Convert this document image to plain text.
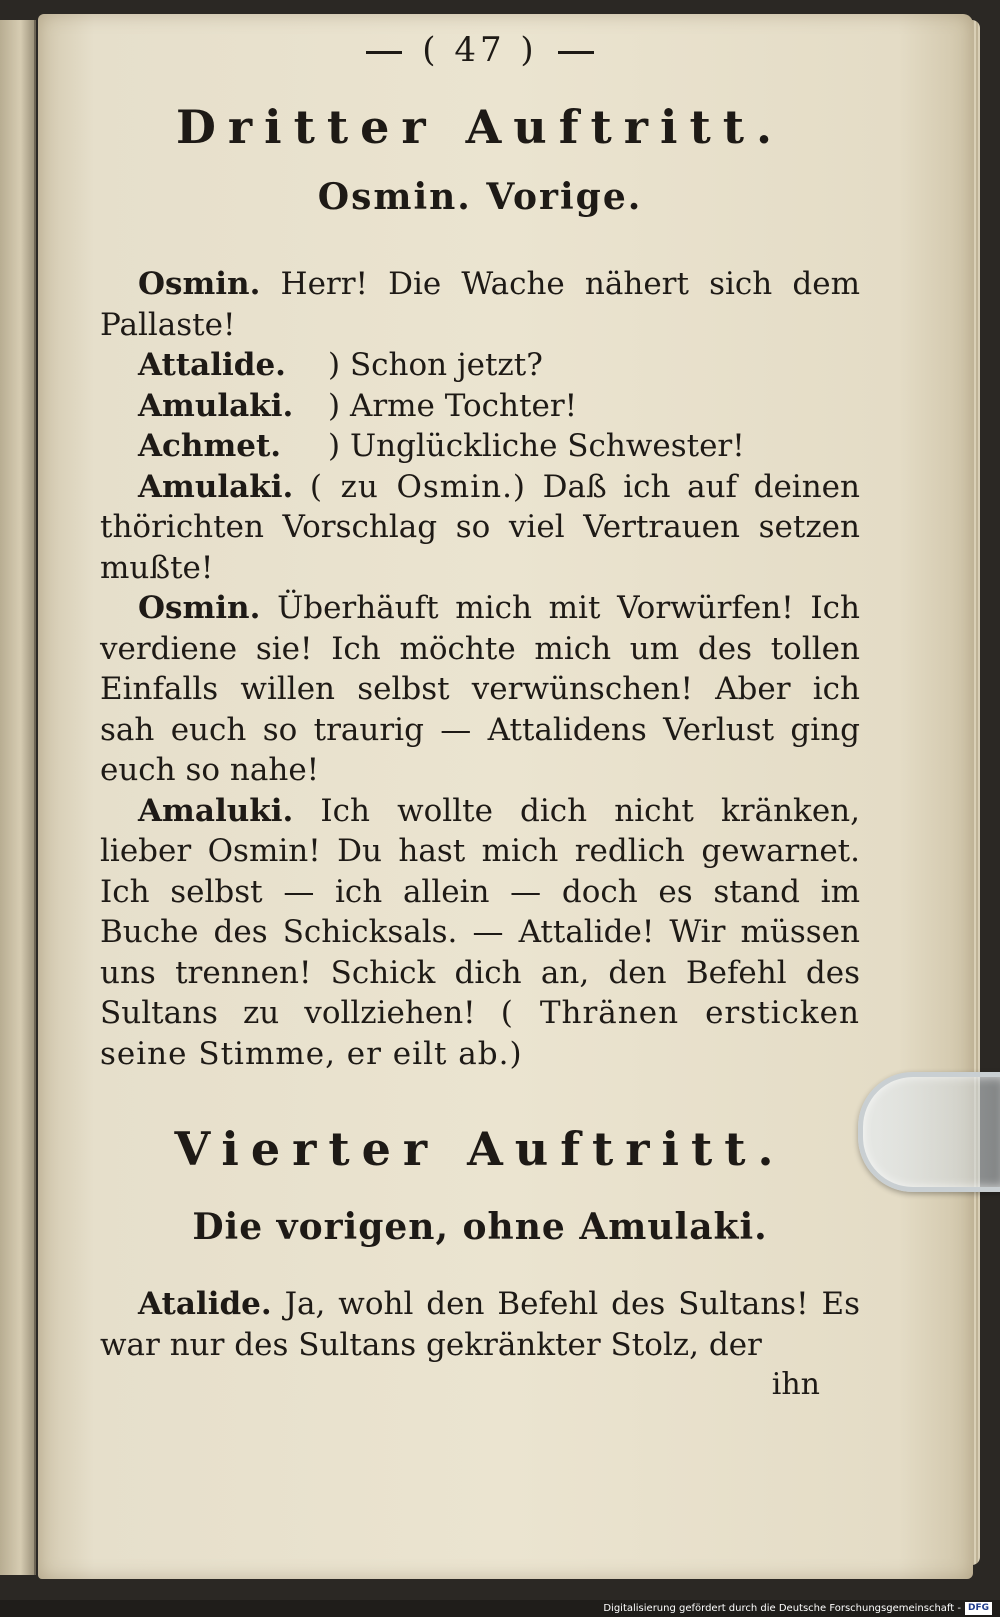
( 47 )
Dritter Auftritt.
Osmin. Vorige.

Osmin. Herr! Die Wache nähert sich dem Pallaste!

Attalide. ) Schon jetzt?
Amulaki. ) Arme Tochter!
Achmet. ) Unglückliche Schwester!

Amulaki. ( zu Osmin.) Daß ich auf deinen thörichten Vorschlag so viel Vertrauen setzen mußte!

Osmin. Überhäuft mich mit Vorwürfen! Ich verdiene sie! Ich möchte mich um des tollen Einfalls willen selbst verwünschen! Aber ich sah euch so traurig — Attalidens Verlust ging euch so nahe!

Amaluki. Ich wollte dich nicht kränken, lieber Osmin! Du hast mich redlich gewarnet. Ich selbst — ich allein — doch es stand im Buche des Schicksals. — Attalide! Wir müssen uns trennen! Schick dich an, den Befehl des Sultans zu vollziehen! ( Thränen ersticken seine Stimme, er eilt ab.)

Vierter Auftritt.
Die vorigen, ohne Amulaki.

Atalide. Ja, wohl den Befehl des Sultans! Es war nur des Sultans gekränkter Stolz, der

ihn
Digitalisierung gefördert durch die Deutsche Forschungsgemeinschaft - DFG
